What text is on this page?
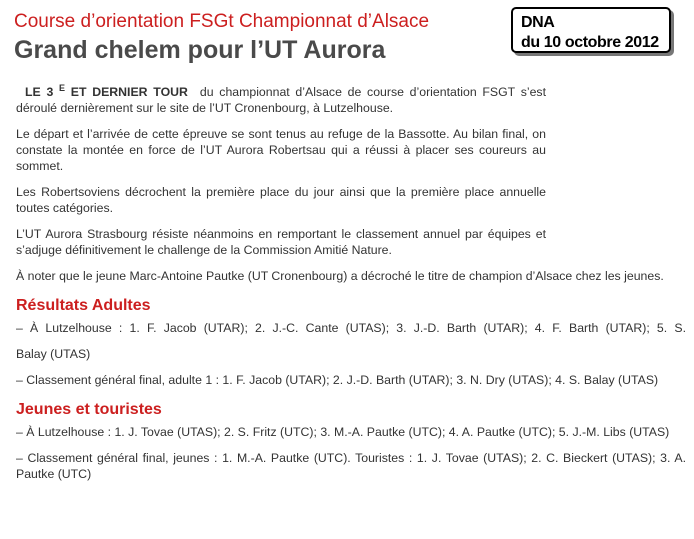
Course d’orientation FSGt Championnat d’Alsace
Grand chelem pour l’UT Aurora
DNA
du 10 octobre 2012

LE 3 $^E$ ET DERNIER TOUR du championnat d’Alsace de course d’orientation FSGT s’est déroulé dernièrement sur le site de l’UT Cronenbourg, à Lutzelhouse.

Le départ et l’arrivée de cette épreuve se sont tenus au refuge de la Bassotte. Au bilan final, on constate la montée en force de l’UT Aurora Robertsau qui a réussi à placer ses coureurs au sommet.

Les Robertsoviens décrochent la première place du jour ainsi que la première place annuelle toutes catégories.

L’UT Aurora Strasbourg résiste néanmoins en remportant le classement annuel par équipes et s’adjuge définitivement le challenge de la Commission Amitié Nature.

À noter que le jeune Marc-Antoine Pautke (UT Cronenbourg) a décroché le titre de champion d’Alsace chez les jeunes.

Résultats Adultes
– À Lutzelhouse : 1. F. Jacob (UTAR); 2. J.-C. Cante (UTAS); 3. J.-D. Barth (UTAR); 4. F. Barth (UTAR); 5. S.
Balay (UTAS)
– Classement général final, adulte 1 : 1. F. Jacob (UTAR); 2. J.-D. Barth (UTAR); 3. N. Dry (UTAS); 4. S. Balay (UTAS)
Jeunes et touristes
– À Lutzelhouse : 1. J. Tovae (UTAS); 2. S. Fritz (UTC); 3. M.-A. Pautke (UTC); 4. A. Pautke (UTC); 5. J.-M. Libs (UTAS)
– Classement général final, jeunes : 1. M.-A. Pautke (UTC). Touristes : 1. J. Tovae (UTAS); 2. C. Bieckert (UTAS); 3. A. Pautke (UTC)
